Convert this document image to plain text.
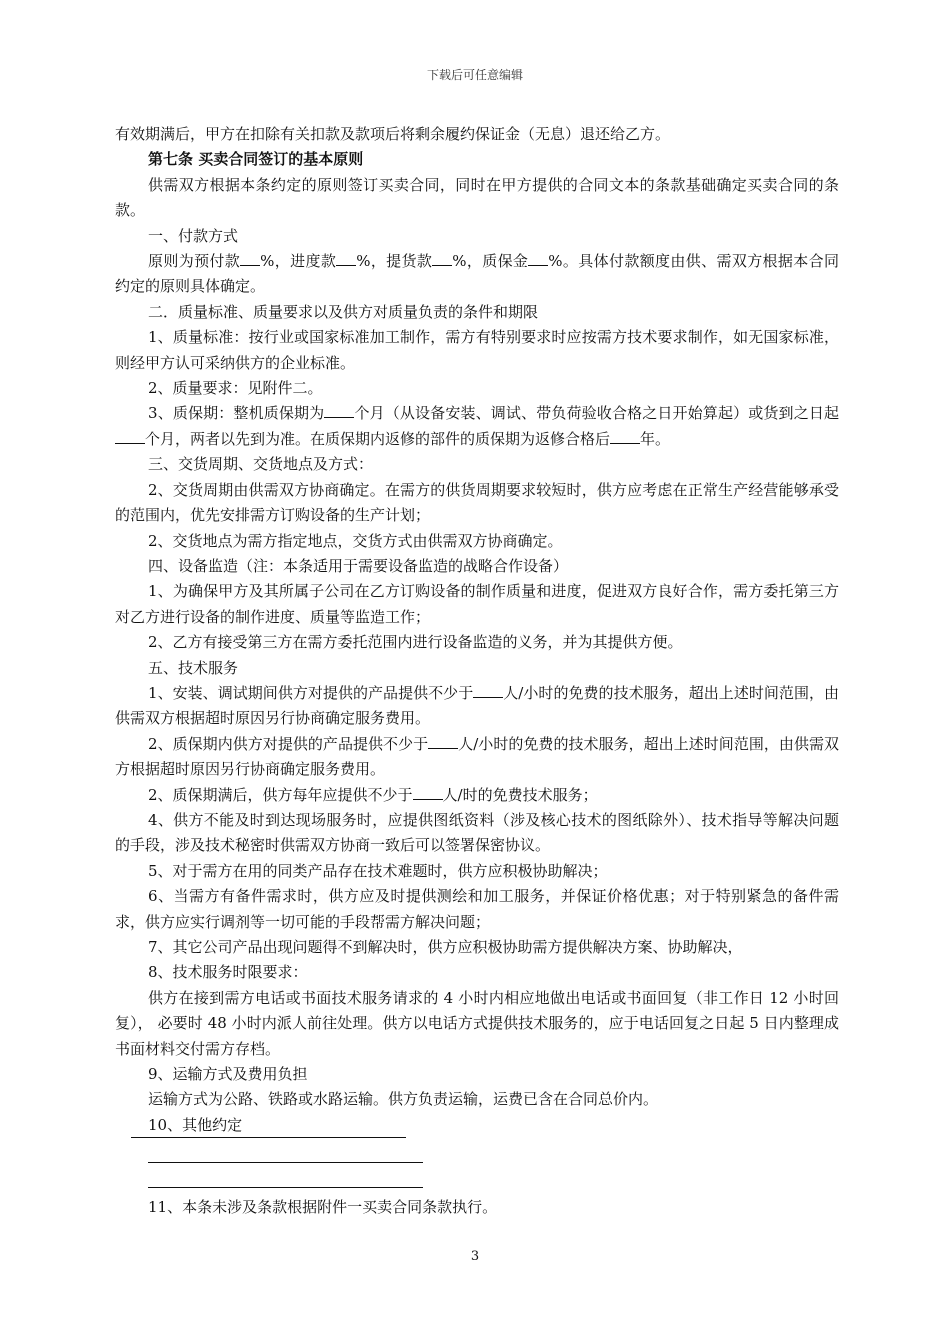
下载后可任意编辑

有效期满后，甲方在扣除有关扣款及款项后将剩余履约保证金（无息）退还给乙方。

第七条 买卖合同签订的基本原则

供需双方根据本条约定的原则签订买卖合同，同时在甲方提供的合同文本的条款基础确定买卖合同的条款。

一、付款方式

原则为预付款 %，进度款 %，提货款 %，质保金 %。具体付款额度由供、需双方根据本合同约定的原则具体确定。

二．质量标准、质量要求以及供方对质量负责的条件和期限

1、质量标准：按行业或国家标准加工制作，需方有特别要求时应按需方技术要求制作，如无国家标准，则经甲方认可采纳供方的企业标准。

2、质量要求：见附件二。

3、质保期：整机质保期为 个月（从设备安装、调试、带负荷验收合格之日开始算起）或货到之日起个月，两者以先到为准。在质保期内返修的部件的质保期为返修合格后 年。

三、交货周期、交货地点及方式：

2、交货周期由供需双方协商确定。在需方的供货周期要求较短时，供方应考虑在正常生产经营能够承受的范围内，优先安排需方订购设备的生产计划；

2、交货地点为需方指定地点，交货方式由供需双方协商确定。

四、设备监造（注：本条适用于需要设备监造的战略合作设备）

1、为确保甲方及其所属子公司在乙方订购设备的制作质量和进度，促进双方良好合作，需方委托第三方对乙方进行设备的制作进度、质量等监造工作；

2、乙方有接受第三方在需方委托范围内进行设备监造的义务，并为其提供方便。

五、技术服务

1、安装、调试期间供方对提供的产品提供不少于 人/小时的免费的技术服务，超出上述时间范围，由供需双方根据超时原因另行协商确定服务费用。

2、质保期内供方对提供的产品提供不少于 人/小时的免费的技术服务，超出上述时间范围，由供需双方根据超时原因另行协商确定服务费用。

2、质保期满后，供方每年应提供不少于 人/时的免费技术服务；

4、供方不能及时到达现场服务时，应提供图纸资料（涉及核心技术的图纸除外）、技术指导等解决问题的手段，涉及技术秘密时供需双方协商一致后可以签署保密协议。

5、对于需方在用的同类产品存在技术难题时，供方应积极协助解决；

6、当需方有备件需求时，供方应及时提供测绘和加工服务，并保证价格优惠；对于特别紧急的备件需求，供方应实行调剂等一切可能的手段帮需方解决问题；

7、其它公司产品出现问题得不到解决时，供方应积极协助需方提供解决方案、协助解决，

8、技术服务时限要求：

供方在接到需方电话或书面技术服务请求的 4 小时内相应地做出电话或书面回复（非工作日 12 小时回复）， 必要时 48 小时内派人前往处理。供方以电话方式提供技术服务的，应于电话回复之日起 5 日内整理成书面材料交付需方存档。

9、运输方式及费用负担

运输方式为公路、铁路或水路运输。供方负责运输，运费已含在合同总价内。

10、其他约定

11、本条未涉及条款根据附件一买卖合同条款执行。

3
